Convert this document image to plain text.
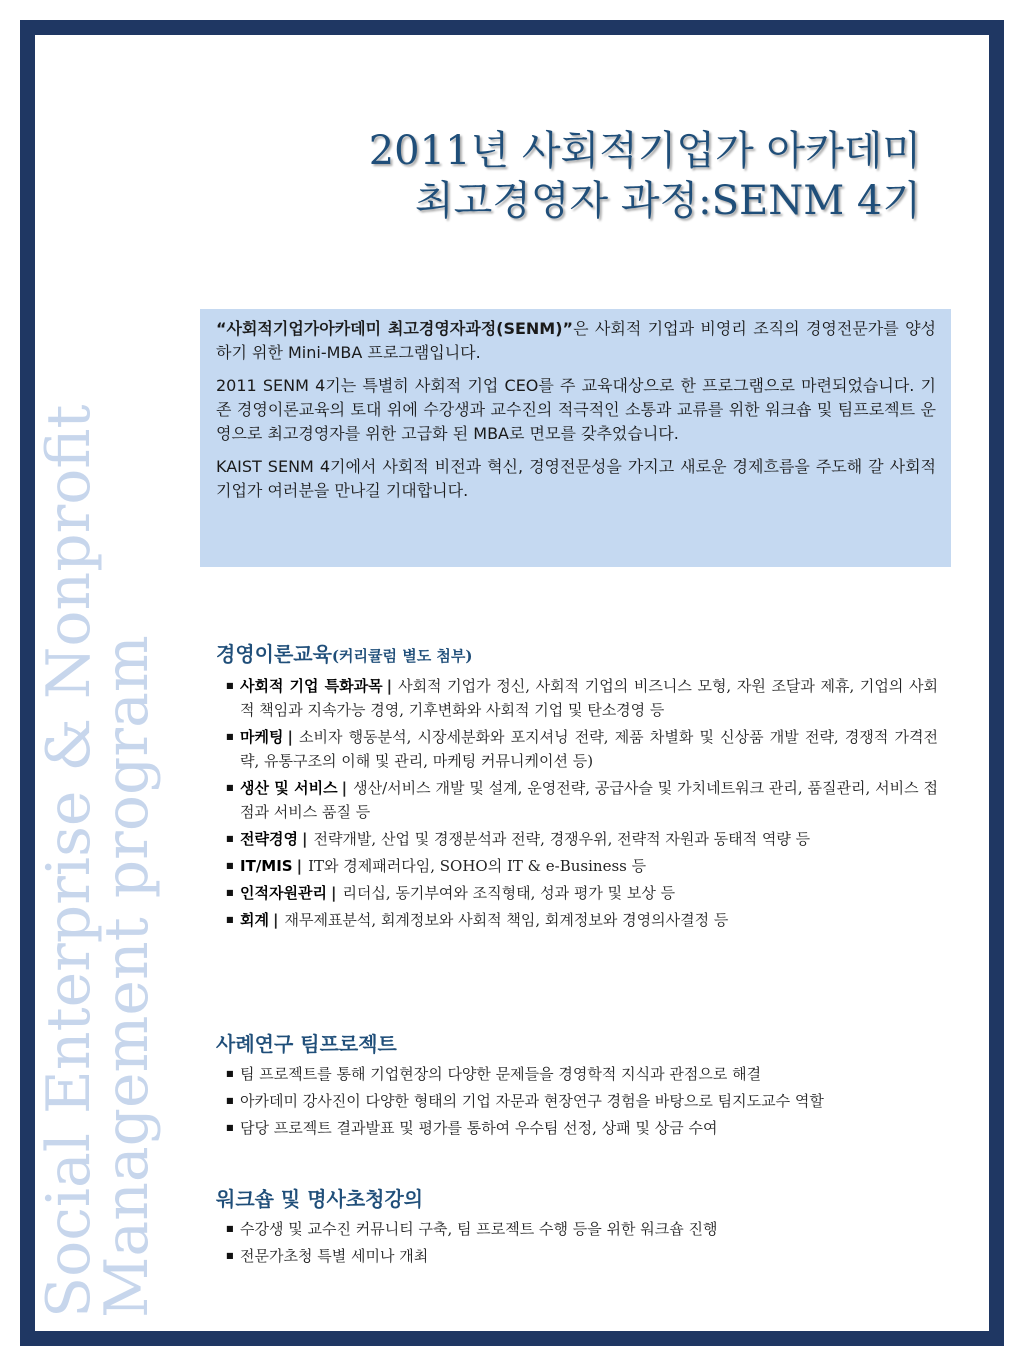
Social Enterprise & Nonprofit
Management program
2011년 사회적기업가 아카데미
최고경영자 과정:SENM 4기

“사회적기업가아카데미 최고경영자과정(SENM)”은 사회적 기업과 비영리 조직의 경영전문가를 양성하기 위한 Mini-MBA 프로그램입니다.

2011 SENM 4기는 특별히 사회적 기업 CEO를 주 교육대상으로 한 프로그램으로 마련되었습니다. 기존 경영이론교육의 토대 위에 수강생과 교수진의 적극적인 소통과 교류를 위한 워크숍 및 팀프로젝트 운영으로 최고경영자를 위한 고급화 된 MBA로 면모를 갖추었습니다.

KAIST SENM 4기에서 사회적 비전과 혁신, 경영전문성을 가지고 새로운 경제흐름을 주도해 갈 사회적 기업가 여러분을 만나길 기대합니다.

경영이론교육(커리큘럼 별도 첨부)
■ 사회적 기업 특화과목 | 사회적 기업가 정신, 사회적 기업의 비즈니스 모형, 자원 조달과 제휴, 기업의 사회적 책임과 지속가능 경영, 기후변화와 사회적 기업 및 탄소경영 등
■ 마케팅 | 소비자 행동분석, 시장세분화와 포지셔닝 전략, 제품 차별화 및 신상품 개발 전략, 경쟁적 가격전략, 유통구조의 이해 및 관리, 마케팅 커뮤니케이션 등)
■ 생산 및 서비스 | 생산/서비스 개발 및 설계, 운영전략, 공급사슬 및 가치네트워크 관리, 품질관리, 서비스 접점과 서비스 품질 등
■ 전략경영 | 전략개발, 산업 및 경쟁분석과 전략, 경쟁우위, 전략적 자원과 동태적 역량 등
■ IT/MIS | IT와 경제패러다임, SOHO의 IT & e-Business 등
■ 인적자원관리 | 리더십, 동기부여와 조직형태, 성과 평가 및 보상 등
■ 회계 | 재무제표분석, 회계정보와 사회적 책임, 회계정보와 경영의사결정 등
사례연구 팀프로젝트
■ 팀 프로젝트를 통해 기업현장의 다양한 문제들을 경영학적 지식과 관점으로 해결
■ 아카데미 강사진이 다양한 형태의 기업 자문과 현장연구 경험을 바탕으로 팀지도교수 역할
■ 담당 프로젝트 결과발표 및 평가를 통하여 우수팀 선정, 상패 및 상금 수여
워크숍 및 명사초청강의
■ 수강생 및 교수진 커뮤니티 구축, 팀 프로젝트 수행 등을 위한 워크숍 진행
■ 전문가초청 특별 세미나 개최
